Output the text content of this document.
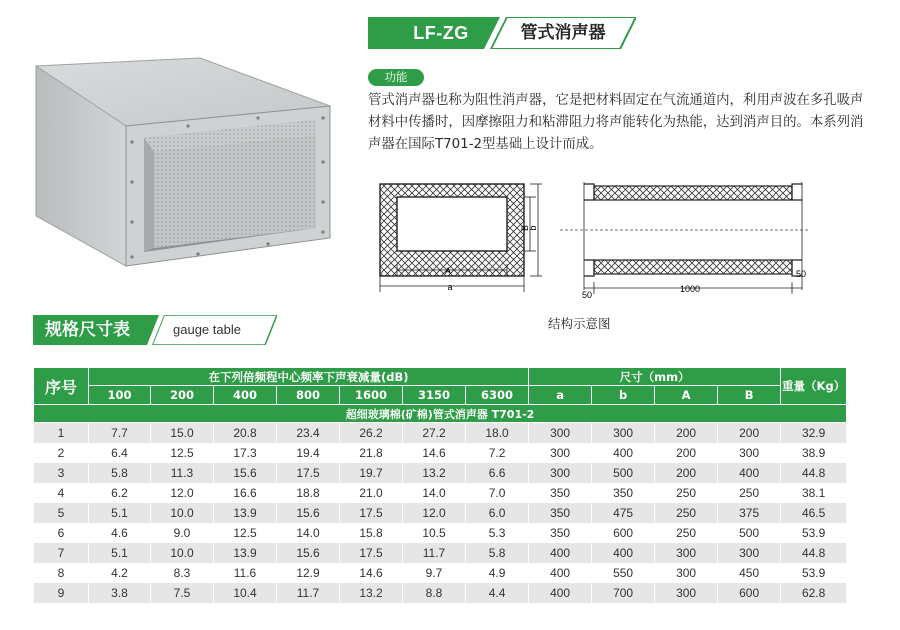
LF-ZG	管式消声器
功能
管式消声器也称为阻性消声器，它是把材料固定在气流通道内，利用声波在多孔吸声材料中传播时，因摩擦阻力和粘滞阻力将声能转化为热能，达到消声目的。本系列消声器在国际T701-2型基础上设计而成。
A
a
B
b
50
1000
50
结构示意图
规格尺寸表	gauge table
序号	在下列倍频程中心频率下声衰减量(dB)							尺寸（mm）				重量（Kg）
	100	200	400	800	1600	3150	6300	a	b	A	B	
超细玻璃棉(矿棉)管式消声器 T701-2												
1	7.7	15.0	20.8	23.4	26.2	27.2	18.0	300	300	200	200	32.9
2	6.4	12.5	17.3	19.4	21.8	14.6	7.2	300	400	200	300	38.9
3	5.8	11.3	15.6	17.5	19.7	13.2	6.6	300	500	200	400	44.8
4	6.2	12.0	16.6	18.8	21.0	14.0	7.0	350	350	250	250	38.1
5	5.1	10.0	13.9	15.6	17.5	12.0	6.0	350	475	250	375	46.5
6	4.6	9.0	12.5	14.0	15.8	10.5	5.3	350	600	250	500	53.9
7	5.1	10.0	13.9	15.6	17.5	11.7	5.8	400	400	300	300	44.8
8	4.2	8.3	11.6	12.9	14.6	9.7	4.9	400	550	300	450	53.9
9	3.8	7.5	10.4	11.7	13.2	8.8	4.4	400	700	300	600	62.8
